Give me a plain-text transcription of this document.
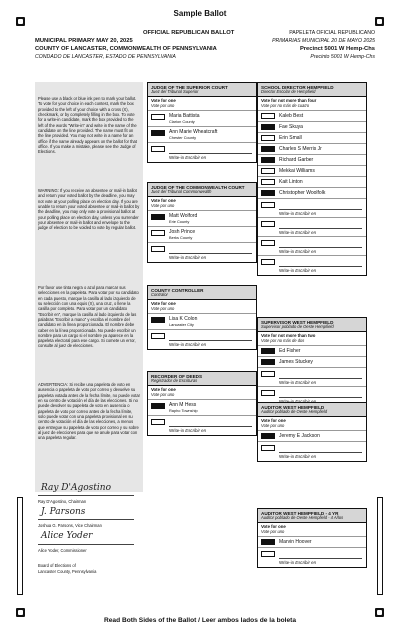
Sample Ballot
OFFICIAL REPUBLICAN BALLOT	PAPELETA OFICIAL REPUBLICANO
MUNICIPAL PRIMARY MAY 20, 2025	PRIMARIAS MUNICIPAL 20 DE MAYO 2025
COUNTY OF LANCASTER, COMMONWEALTH OF PENNSYLVANIA	Precinct 5001 W Hemp-Chs
CONDADO DE LANCASTER, ESTADO DE PENNSYLVANIA	Precinto 5001 W Hemp-Chs

Please use a black or blue ink pen to mark your ballot. To vote for your choice in each contest, mark the box provided to the left of your choice with a cross (X), checkmark, or by completely filling in the box. To vote for a write-in candidate, mark the box provided to the left of the words "Write-in" and write in the name of the candidate on the line provided. The name must fit on the line provided. You may not write in a name for an office if the name already appears on the ballot for that office. If you make a mistake, please see the Judge of Elections.

WARNING: If you receive an absentee or mail-in ballot and return your voted ballot by the deadline, you may not vote at your polling place on election day. If you are unable to return your voted absentee or mail-in ballot by the deadline, you may only vote a provisional ballot at your polling place on election day, unless you surrender your absentee or mail-in ballot and envelope to the judge of election to be voided to vote by regular ballot.

Por favor use tinta negra o azul para marcar sus selecciones en la papeleta. Para votar por su candidato en cada puesto, marque la casilla al lado izquierdo de su selección con una equis (X), una cruz, o llene la casilla por completo. Para votar por un candidato "Escribir en", marque la casilla al lado izquierdo de las palabras "Escribir a mano" y escriba el nombre del candidato en la línea proporcionada. El nombre debe caber en la línea proporcionada. No puede escribir un nombre para un cargo si el nombre ya aparece en la papeleta electoral para ese cargo. Si comete un error, consulte al juez de elecciones.

ADVERTENCIA: Si recibe una papeleta de voto en ausencia o papeleta de voto por correo y devuelve su papeleta votada antes de la fecha límite, no puede votar en su centro de votación el día de las elecciones. Si no puede devolver su papeleta de voto en ausencia o papeleta de voto por correo antes de la fecha límite, solo puede votar con una papeleta provisional en su centro de votación el día de las elecciones, a menos que entregue su papeleta de voto por correo y su sobre al juez de elecciones para que se anule para votar con una papeleta regular.

Ray D'Agostino
Ray D'Agostino, Chairman
J. Parsons
Joshua G. Parsons, Vice Chairman
Alice Yoder
Alice Yoder, Commissioner
Board of Elections of
Lancaster County, Pennsylvania
JUDGE OF THE SUPERIOR COURT
Juez del Tribunal Superior
Vote for one
Vote por uno
Maria Battista
Clarion County
Ann Marie Wheatcraft
Chester County
Write-in Escribir en
JUDGE OF THE COMMONWEALTH COURT
Juez del Tribunal Commonwealth
Vote for one
Vote por uno
Matt Wolford
Erie County
Josh Prince
Berks County
Write-in Escribir en
COUNTY CONTROLLER
Contralor
Vote for one
Vote por uno
Lisa K Colon
Lancaster City
Write-in Escribir en
RECORDER OF DEEDS
Registrador de Escrituras
Vote for one
Vote por uno
Ann M Hess
Rapho Township
Write-in Escribir en
SCHOOL DIRECTOR HEMPFIELD
Director Escolar de Hempfield
Vote for not more than four
Vote por no más de cuatro
Kaleb Best
Fae Skuya
Erin Small
Charles S Merris Jr
Richard Garber
Mekkai Williams
Kait Linton
Christopher Woolfolk
Write-in Escribir en
Write-in Escribir en
Write-in Escribir en
Write-in Escribir en
SUPERVISOR WEST HEMPFIELD
Supervisor poblado de Oeste Hempfield
Vote for not more than two
Vote por no más de dos
Ed Fisher
James Stuckey
Write-in Escribir en
AUDITOR WEST HEMPFIELD
Auditor poblado de Oeste Hempfield
Vote for one
Vote por uno
Jeremy E Jackson
Write-in Escribir en
AUDITOR WEST HEMPFIELD - 4 YR
Auditor poblado de Oeste Hempfield - 4 Años
Vote for one
Vote por uno
Marvin Hoover
Write-in Escribir en
Read Both Sides of the Ballot / Leer ambos lados de la boleta
